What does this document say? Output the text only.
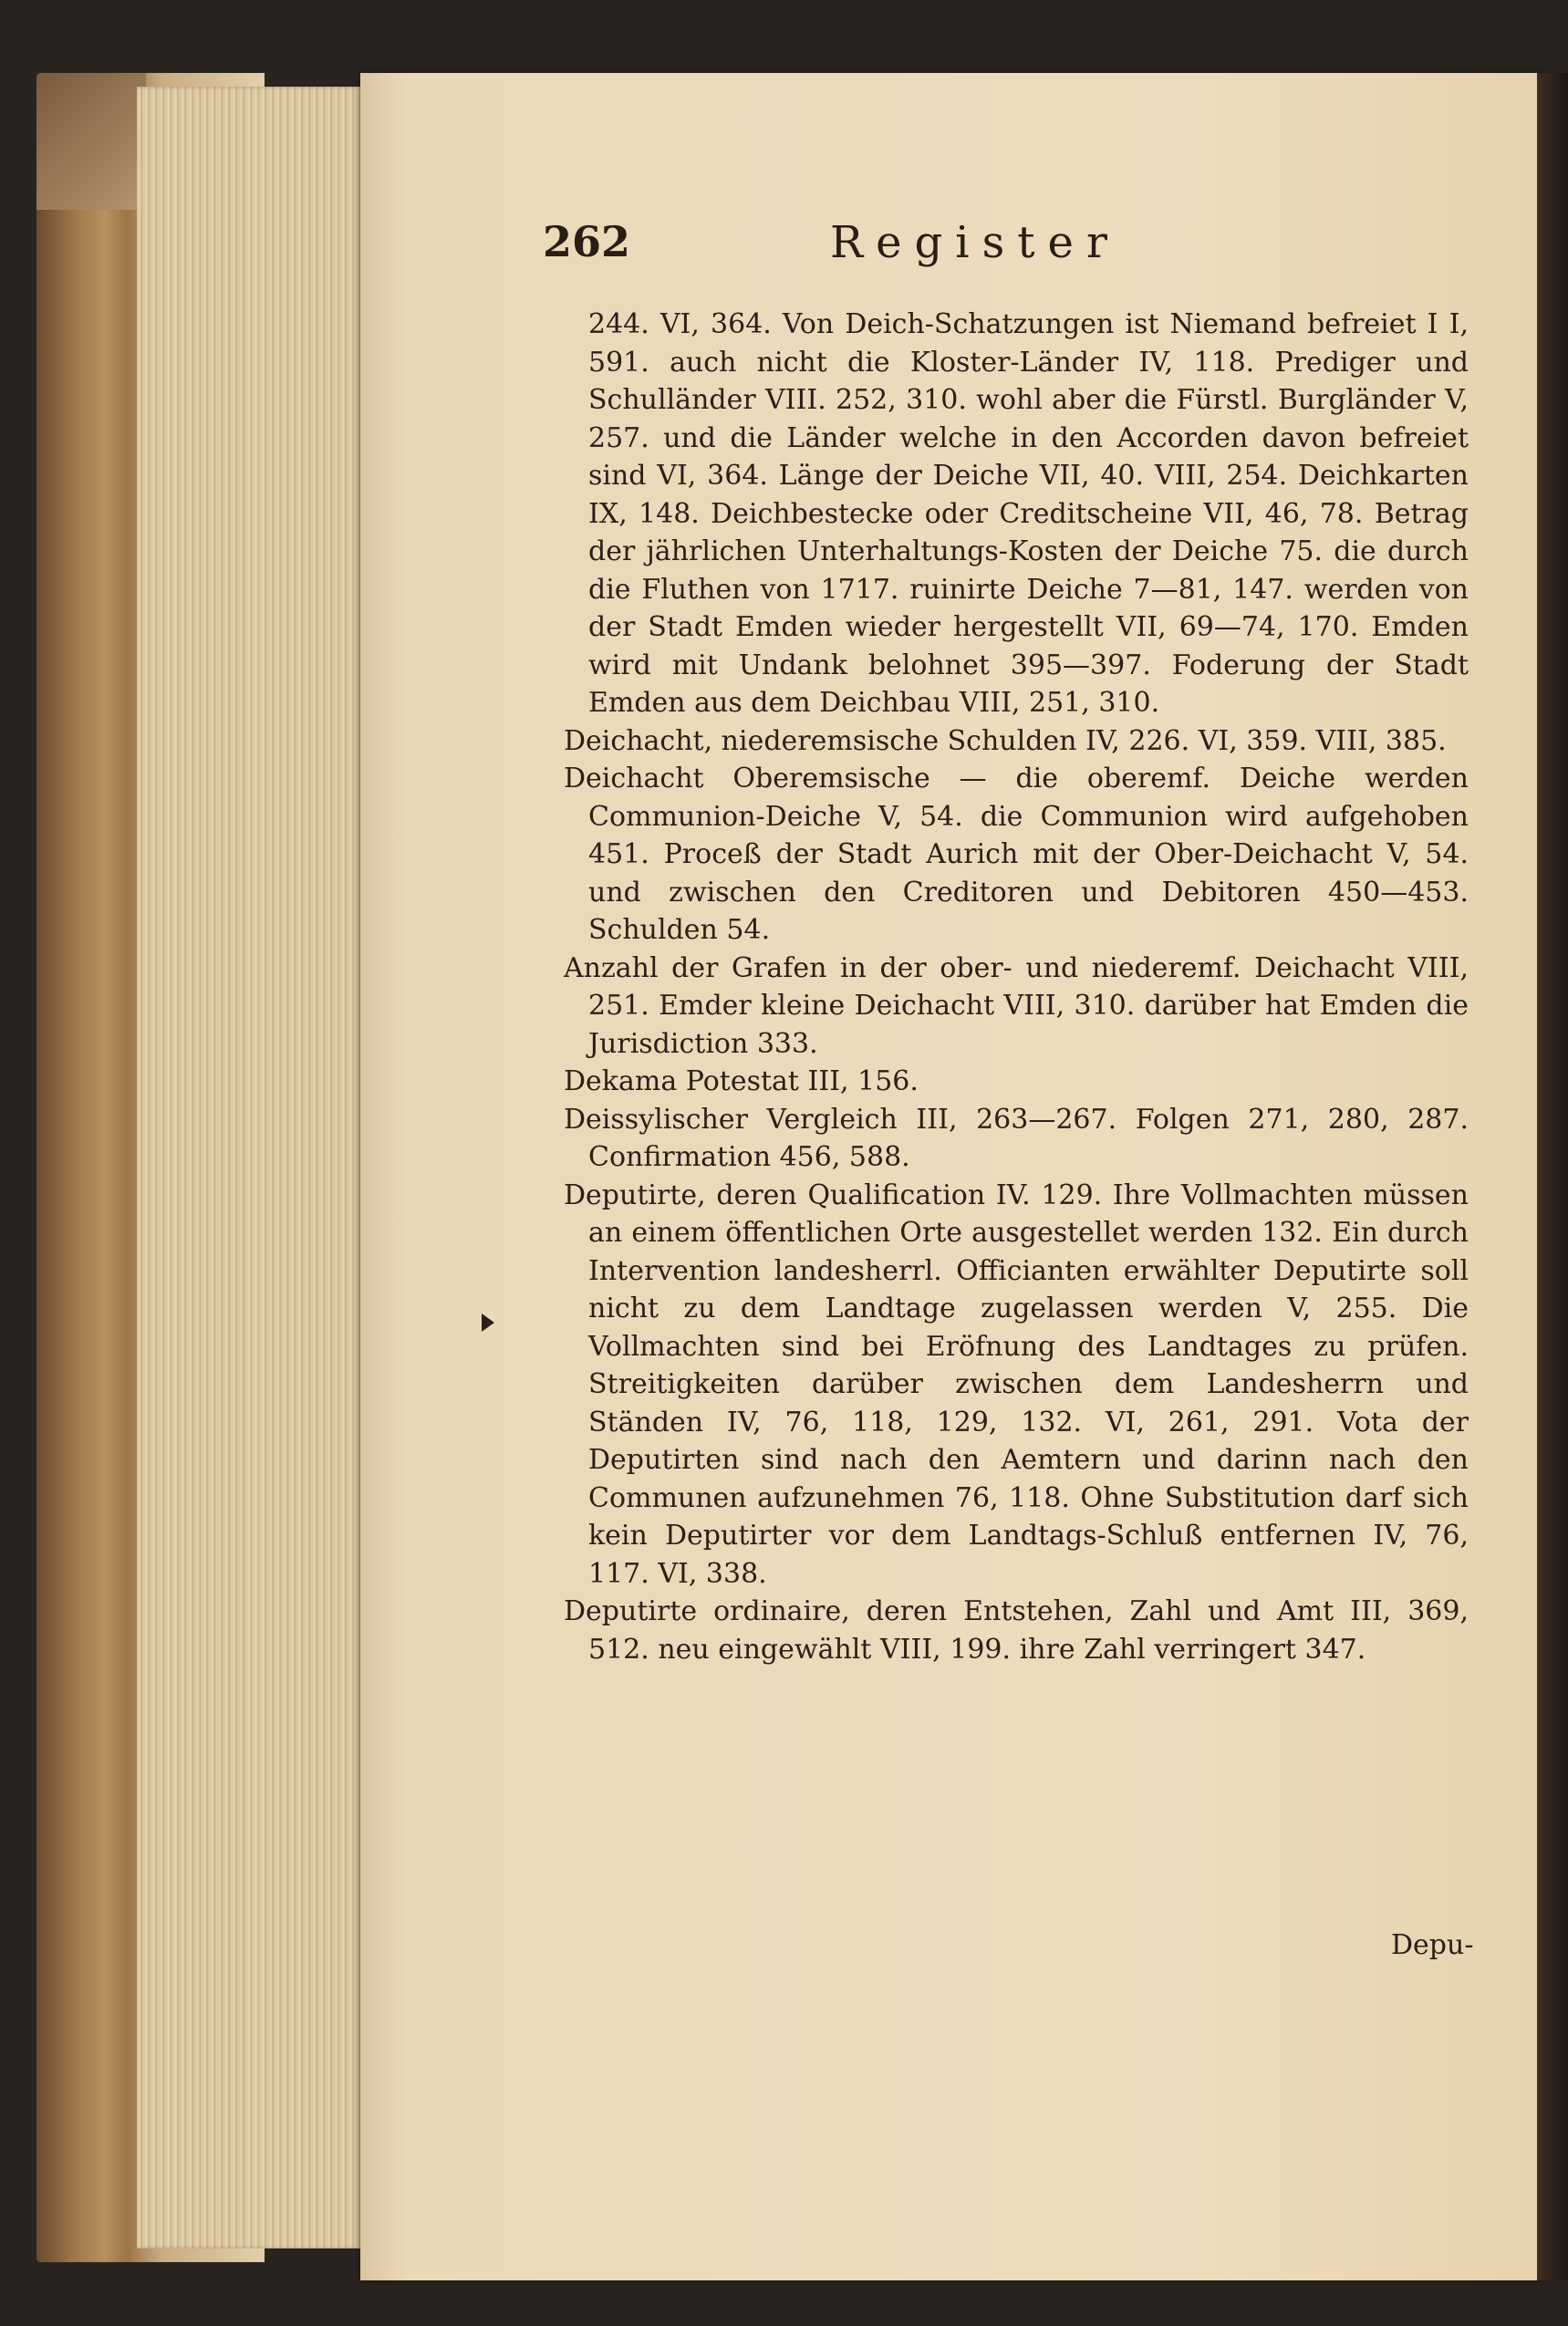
262	Register

244. VI, 364. Von Deich-Schatzungen ist Niemand befreiet I I, 591. auch nicht die Kloster-Länder IV, 118. Prediger und Schulländer VIII. 252, 310. wohl aber die Fürstl. Burgländer V, 257. und die Länder welche in den Accorden davon befreiet sind VI, 364. Länge der Deiche VII, 40. VIII, 254. Deichkarten IX, 148. Deichbestecke oder Creditscheine VII, 46, 78. Betrag der jährlichen Unterhaltungs-Kosten der Deiche 75. die durch die Fluthen von 1717. ruinirte Deiche 7—81, 147. werden von der Stadt Emden wieder hergestellt VII, 69—74, 170. Emden wird mit Undank belohnet 395—397. Foderung der Stadt Emden aus dem Deichbau VIII, 251, 310.

Deichacht, niederemsische Schulden IV, 226. VI, 359. VIII, 385.

Deichacht Oberemsische — die oberemf. Deiche werden Communion-Deiche V, 54. die Communion wird aufgehoben 451. Proceß der Stadt Aurich mit der Ober-Deichacht V, 54. und zwischen den Creditoren und Debitoren 450—453. Schulden 54.

Anzahl der Grafen in der ober- und niederemf. Deichacht VIII, 251. Emder kleine Deichacht VIII, 310. darüber hat Emden die Jurisdiction 333.

Dekama Potestat III, 156.

Deissylischer Vergleich III, 263—267. Folgen 271, 280, 287. Confirmation 456, 588.

Deputirte, deren Qualification IV. 129. Ihre Vollmachten müssen an einem öffentlichen Orte ausgestellet werden 132. Ein durch Intervention landesherrl. Officianten erwählter Deputirte soll nicht zu dem Landtage zugelassen werden V, 255. Die Vollmachten sind bei Eröfnung des Landtages zu prüfen. Streitigkeiten darüber zwischen dem Landesherrn und Ständen IV, 76, 118, 129, 132. VI, 261, 291. Vota der Deputirten sind nach den Aemtern und darinn nach den Communen aufzunehmen 76, 118. Ohne Substitution darf sich kein Deputirter vor dem Landtags-Schluß entfernen IV, 76, 117. VI, 338.

Deputirte ordinaire, deren Entstehen, Zahl und Amt III, 369, 512. neu eingewählt VIII, 199. ihre Zahl verringert 347.

Depu-
